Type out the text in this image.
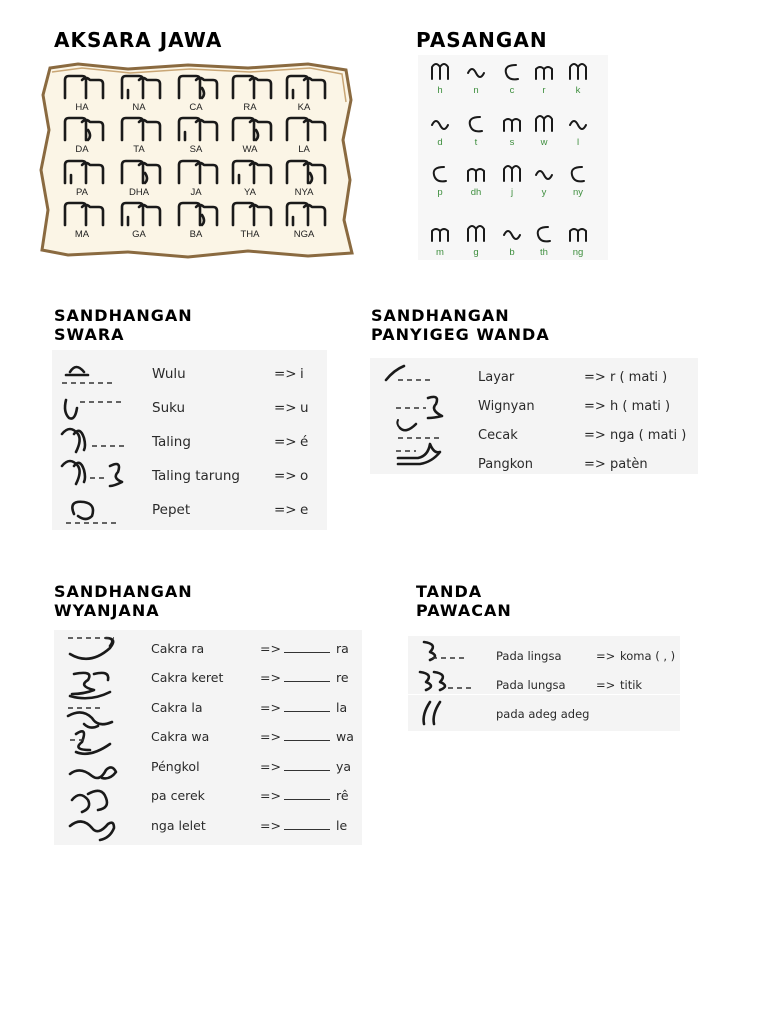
AKSARA JAWA
HA	NA	CA	RA	KA
DA	TA	SA	WA	LA
PA	DHA	JA	YA	NYA
MA	GA	BA	THA	NGA
PASANGAN
h	n	c	r	k
d	t	s	w	l
p	dh	j	y	ny
m	g	b	th	ng
SANDHANGAN
SWARA
Wulu	=> i
Suku	=> u
Taling	=> é
Taling tarung	=> o
Pepet	=> e
SANDHANGAN
PANYIGEG WANDA
Layar	=> r ( mati )
Wignyan	=> h ( mati )
Cecak	=> nga ( mati )
Pangkon	=> patèn
SANDHANGAN
WYANJANA
Cakra ra	=>	ra
Cakra keret	=>	re
Cakra la	=>	la
Cakra wa	=>	wa
Péngkol	=>	ya
pa cerek	=>	rê
nga lelet	=>	le
TANDA
PAWACAN
Pada lingsa	=> koma ( , )
Pada lungsa	=> titik
pada adeg adeg
